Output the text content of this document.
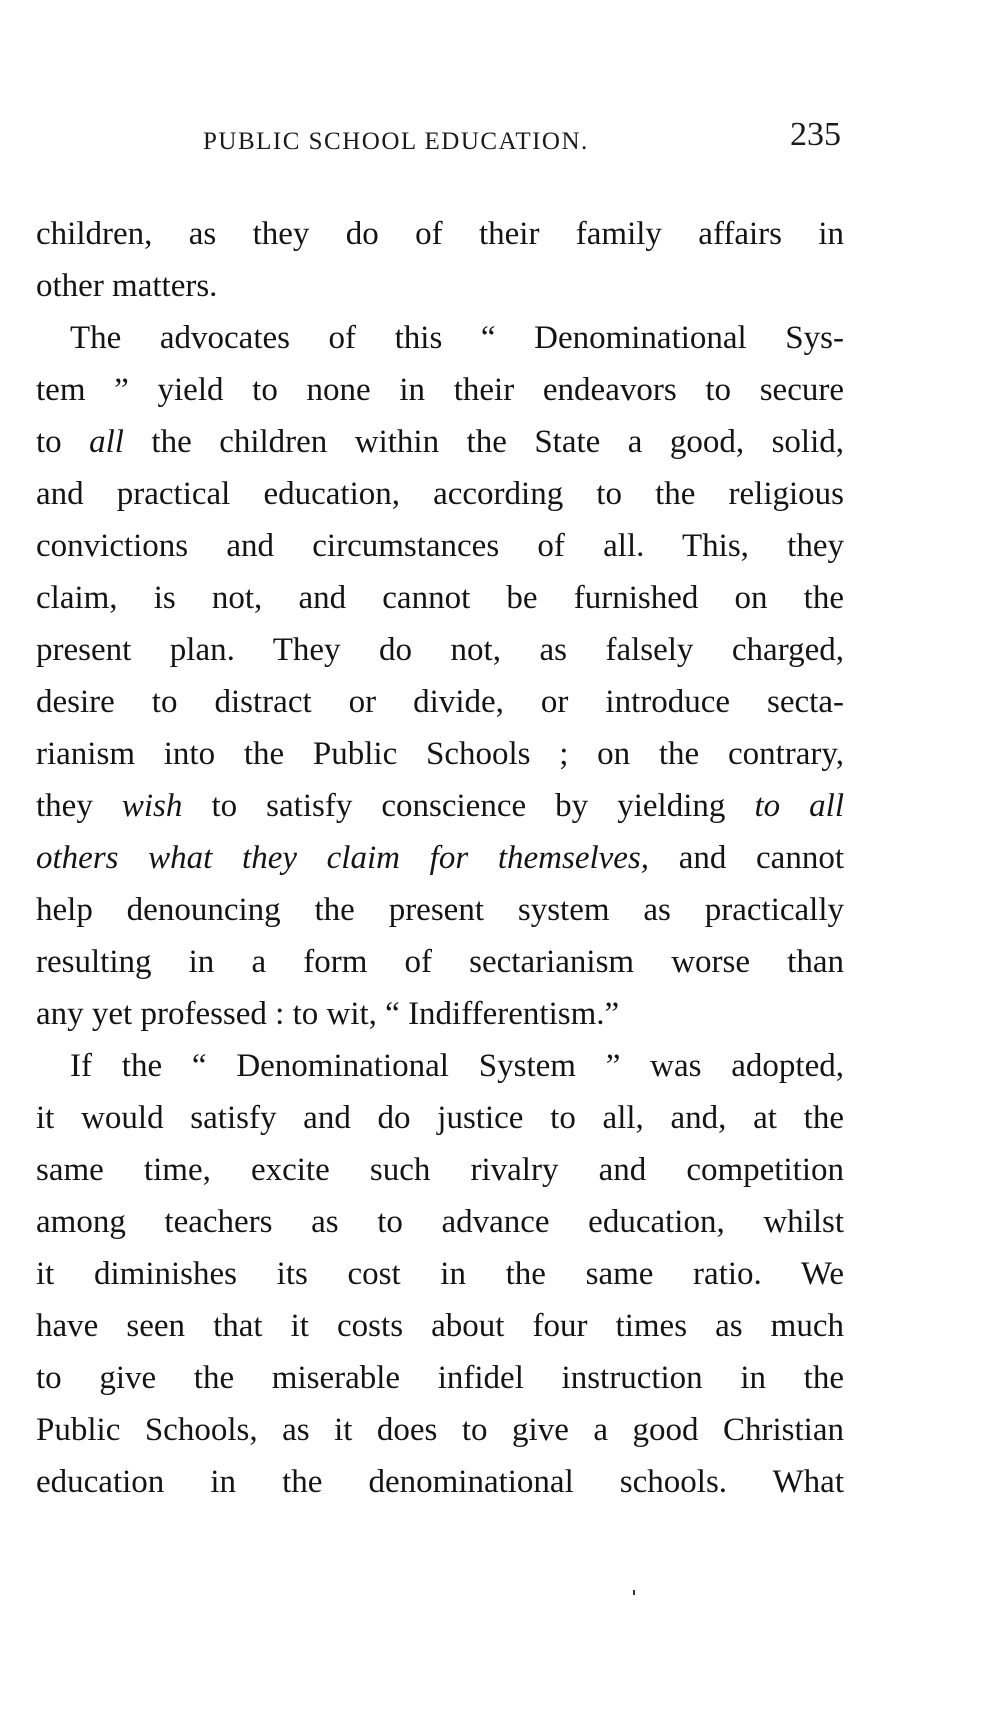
PUBLIC SCHOOL EDUCATION.	235
children, as they do of their family affairs in
other matters.
The advocates of this “ Denominational Sys-
tem ” yield to none in their endeavors to secure
to all the children within the State a good, solid,
and practical education, according to the religious
convictions and circumstances of all. This, they
claim, is not, and cannot be furnished on the
present plan. They do not, as falsely charged,
desire to distract or divide, or introduce secta-
rianism into the Public Schools ; on the contrary,
they wish to satisfy conscience by yielding to all
others what they claim for themselves, and cannot
help denouncing the present system as practically
resulting in a form of sectarianism worse than
any yet professed : to wit, “ Indifferentism.”
If the “ Denominational System ” was adopted,
it would satisfy and do justice to all, and, at the
same time, excite such rivalry and competition
among teachers as to advance education, whilst
it diminishes its cost in the same ratio. We
have seen that it costs about four times as much
to give the miserable infidel instruction in the
Public Schools, as it does to give a good Christian
education in the denominational schools. What
